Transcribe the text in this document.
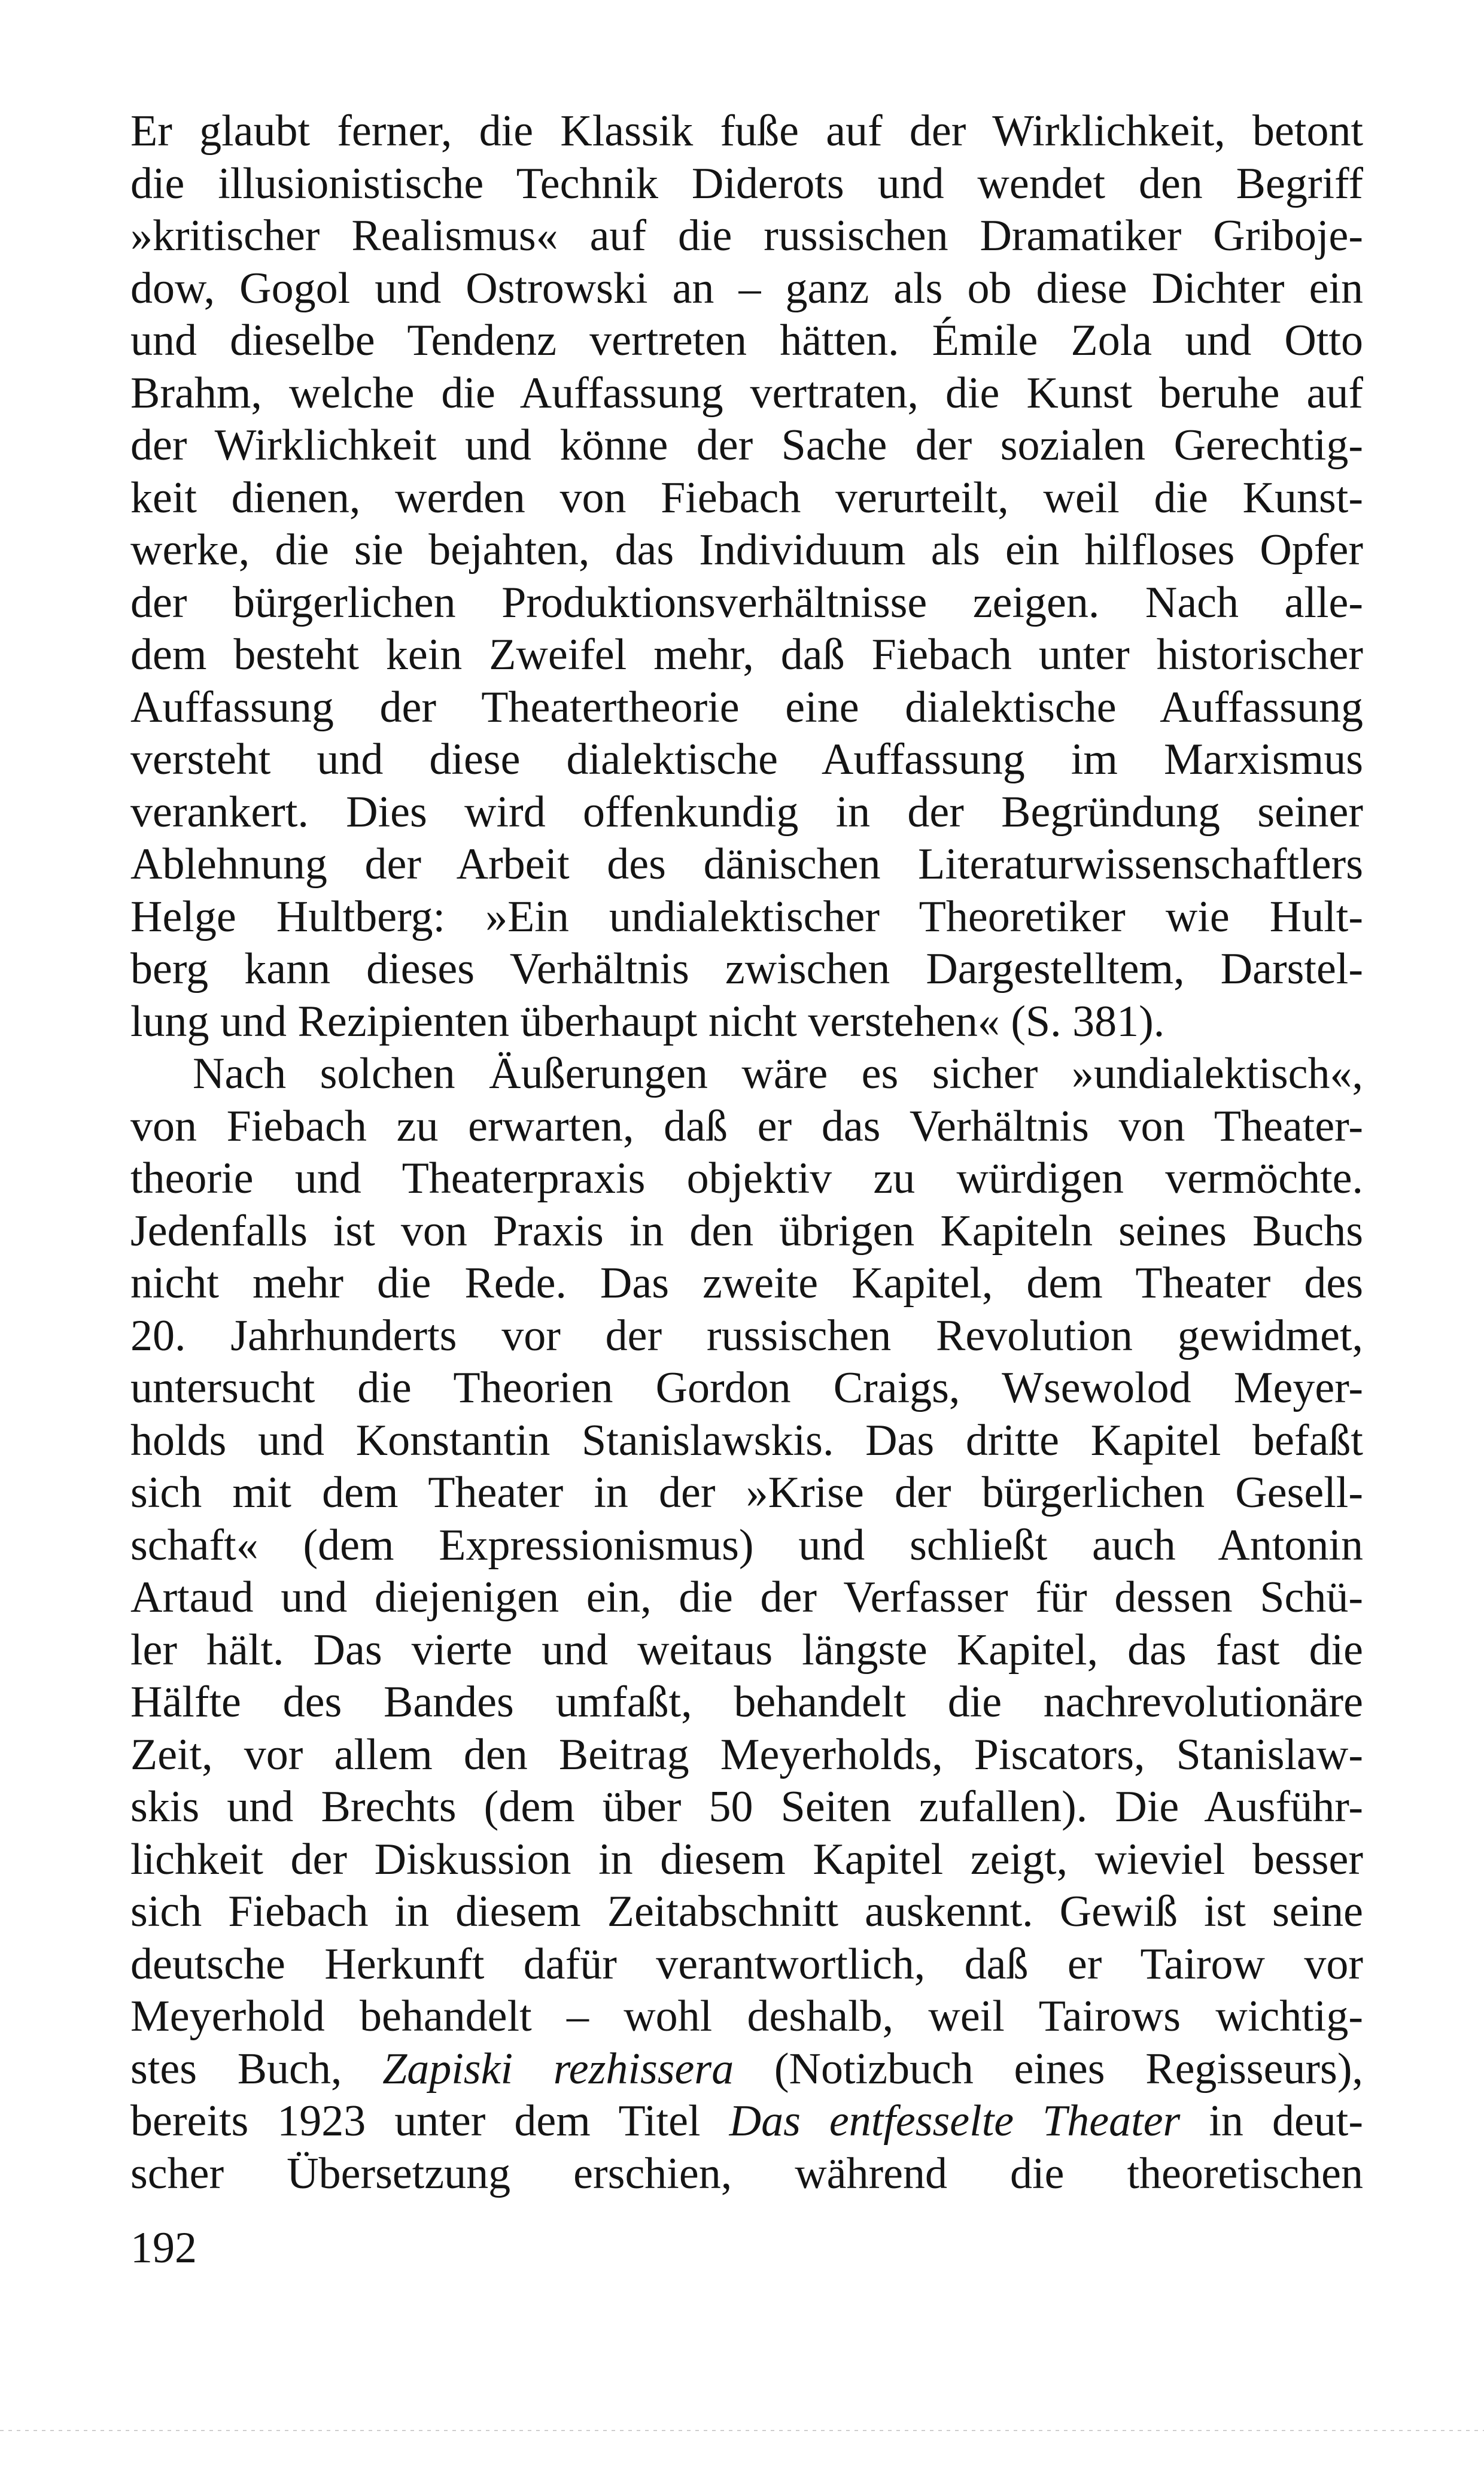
Er glaubt ferner, die Klassik fuße auf der Wirklichkeit, betont
die illusionistische Technik Diderots und wendet den Begriff
»kritischer Realismus« auf die russischen Dramatiker Griboje-
dow, Gogol und Ostrowski an – ganz als ob diese Dichter ein
und dieselbe Tendenz vertreten hätten. Émile Zola und Otto
Brahm, welche die Auffassung vertraten, die Kunst beruhe auf
der Wirklichkeit und könne der Sache der sozialen Gerechtig-
keit dienen, werden von Fiebach verurteilt, weil die Kunst-
werke, die sie bejahten, das Individuum als ein hilfloses Opfer
der bürgerlichen Produktionsverhältnisse zeigen. Nach alle-
dem besteht kein Zweifel mehr, daß Fiebach unter historischer
Auffassung der Theatertheorie eine dialektische Auffassung
versteht und diese dialektische Auffassung im Marxismus
verankert. Dies wird offenkundig in der Begründung seiner
Ablehnung der Arbeit des dänischen Literaturwissenschaftlers
Helge Hultberg: »Ein undialektischer Theoretiker wie Hult-
berg kann dieses Verhältnis zwischen Dargestelltem, Darstel-
lung und Rezipienten überhaupt nicht verstehen« (S. 381).
Nach solchen Äußerungen wäre es sicher »undialektisch«,
von Fiebach zu erwarten, daß er das Verhältnis von Theater-
theorie und Theaterpraxis objektiv zu würdigen vermöchte.
Jedenfalls ist von Praxis in den übrigen Kapiteln seines Buchs
nicht mehr die Rede. Das zweite Kapitel, dem Theater des
20. Jahrhunderts vor der russischen Revolution gewidmet,
untersucht die Theorien Gordon Craigs, Wsewolod Meyer-
holds und Konstantin Stanislawskis. Das dritte Kapitel befaßt
sich mit dem Theater in der »Krise der bürgerlichen Gesell-
schaft« (dem Expressionismus) und schließt auch Antonin
Artaud und diejenigen ein, die der Verfasser für dessen Schü-
ler hält. Das vierte und weitaus längste Kapitel, das fast die
Hälfte des Bandes umfaßt, behandelt die nachrevolutionäre
Zeit, vor allem den Beitrag Meyerholds, Piscators, Stanislaw-
skis und Brechts (dem über 50 Seiten zufallen). Die Ausführ-
lichkeit der Diskussion in diesem Kapitel zeigt, wieviel besser
sich Fiebach in diesem Zeitabschnitt auskennt. Gewiß ist seine
deutsche Herkunft dafür verantwortlich, daß er Tairow vor
Meyerhold behandelt – wohl deshalb, weil Tairows wichtig-
stes Buch, Zapiski rezhissera (Notizbuch eines Regisseurs),
bereits 1923 unter dem Titel Das entfesselte Theater in deut-
scher Übersetzung erschien, während die theoretischen
192
